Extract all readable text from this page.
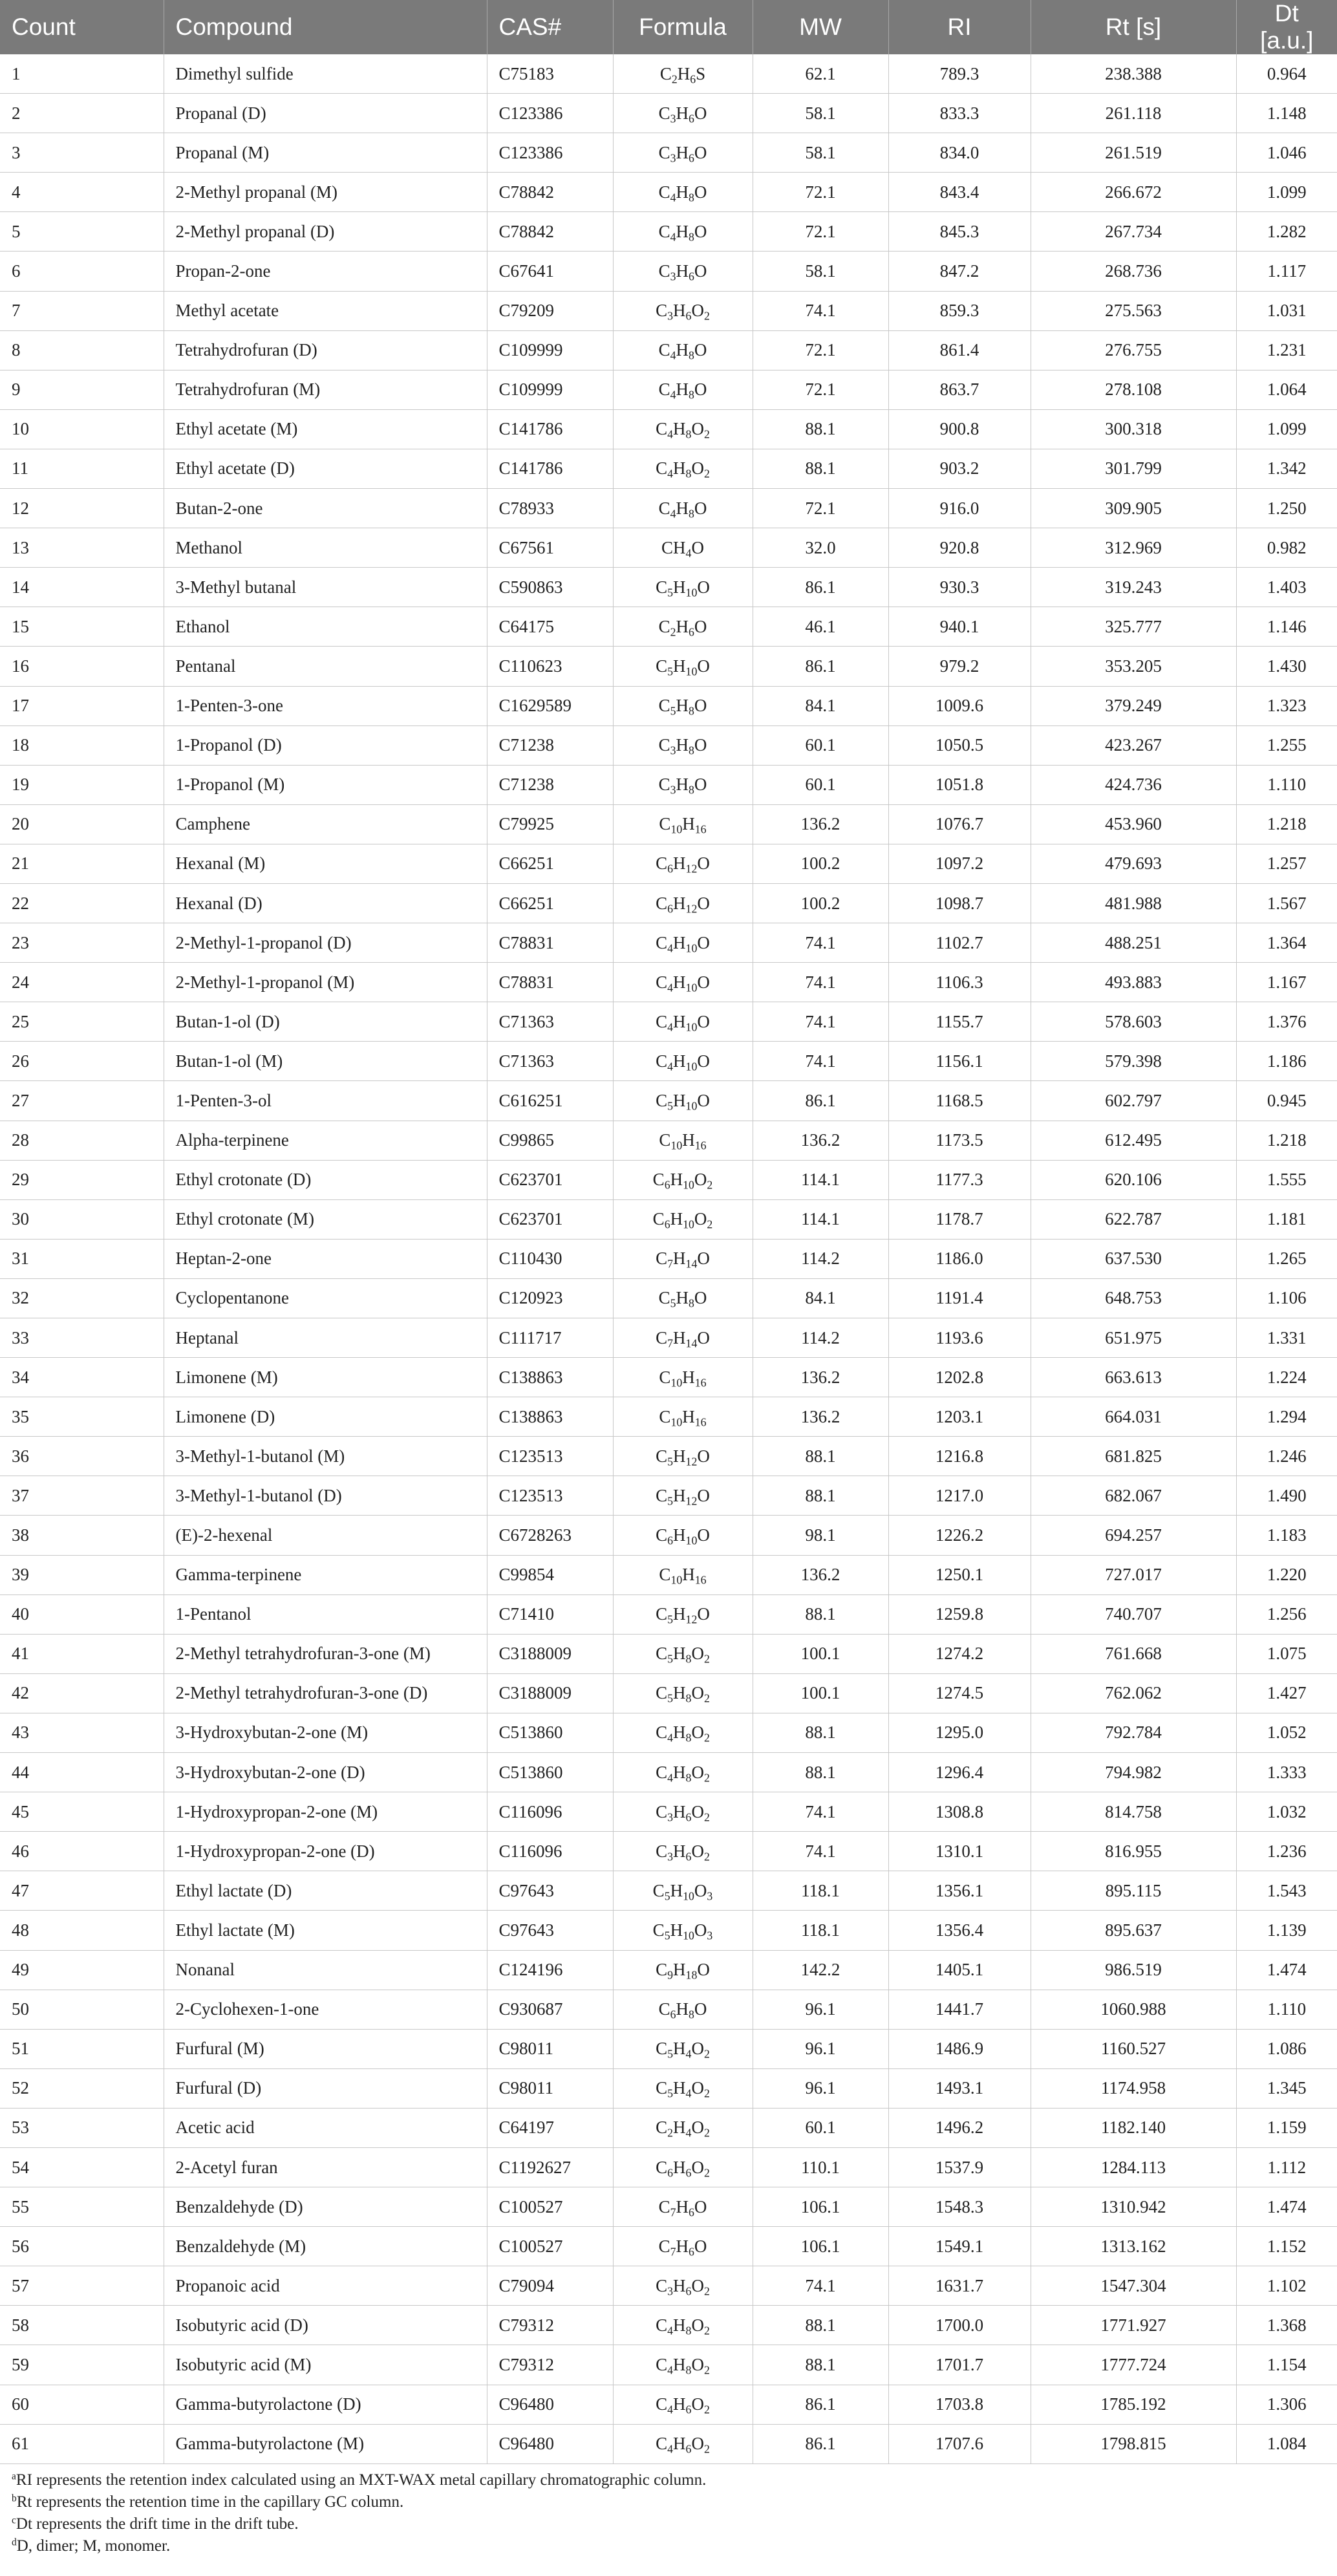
Count	Compound	CAS#	Formula	MW	RI	Rt [s]	Dt [a.u.]
1	Dimethyl sulfide	C75183	$C_2H_6S$	62.1	789.3	238.388	0.964
2	Propanal (D)	C123386	$C_3H_6O$	58.1	833.3	261.118	1.148
3	Propanal (M)	C123386	$C_3H_6O$	58.1	834.0	261.519	1.046
4	2-Methyl propanal (M)	C78842	$C_4H_8O$	72.1	843.4	266.672	1.099
5	2-Methyl propanal (D)	C78842	$C_4H_8O$	72.1	845.3	267.734	1.282
6	Propan-2-one	C67641	$C_3H_6O$	58.1	847.2	268.736	1.117
7	Methyl acetate	C79209	$C_3H_6O_2$	74.1	859.3	275.563	1.031
8	Tetrahydrofuran (D)	C109999	$C_4H_8O$	72.1	861.4	276.755	1.231
9	Tetrahydrofuran (M)	C109999	$C_4H_8O$	72.1	863.7	278.108	1.064
10	Ethyl acetate (M)	C141786	$C_4H_8O_2$	88.1	900.8	300.318	1.099
11	Ethyl acetate (D)	C141786	$C_4H_8O_2$	88.1	903.2	301.799	1.342
12	Butan-2-one	C78933	$C_4H_8O$	72.1	916.0	309.905	1.250
13	Methanol	C67561	$CH_4O$	32.0	920.8	312.969	0.982
14	3-Methyl butanal	C590863	$C_5H_{10}O$	86.1	930.3	319.243	1.403
15	Ethanol	C64175	$C_2H_6O$	46.1	940.1	325.777	1.146
16	Pentanal	C110623	$C_5H_{10}O$	86.1	979.2	353.205	1.430
17	1-Penten-3-one	C1629589	$C_5H_8O$	84.1	1009.6	379.249	1.323
18	1-Propanol (D)	C71238	$C_3H_8O$	60.1	1050.5	423.267	1.255
19	1-Propanol (M)	C71238	$C_3H_8O$	60.1	1051.8	424.736	1.110
20	Camphene	C79925	$C_{10}H_{16}$	136.2	1076.7	453.960	1.218
21	Hexanal (M)	C66251	$C_6H_{12}O$	100.2	1097.2	479.693	1.257
22	Hexanal (D)	C66251	$C_6H_{12}O$	100.2	1098.7	481.988	1.567
23	2-Methyl-1-propanol (D)	C78831	$C_4H_{10}O$	74.1	1102.7	488.251	1.364
24	2-Methyl-1-propanol (M)	C78831	$C_4H_{10}O$	74.1	1106.3	493.883	1.167
25	Butan-1-ol (D)	C71363	$C_4H_{10}O$	74.1	1155.7	578.603	1.376
26	Butan-1-ol (M)	C71363	$C_4H_{10}O$	74.1	1156.1	579.398	1.186
27	1-Penten-3-ol	C616251	$C_5H_{10}O$	86.1	1168.5	602.797	0.945
28	Alpha-terpinene	C99865	$C_{10}H_{16}$	136.2	1173.5	612.495	1.218
29	Ethyl crotonate (D)	C623701	$C_6H_{10}O_2$	114.1	1177.3	620.106	1.555
30	Ethyl crotonate (M)	C623701	$C_6H_{10}O_2$	114.1	1178.7	622.787	1.181
31	Heptan-2-one	C110430	$C_7H_{14}O$	114.2	1186.0	637.530	1.265
32	Cyclopentanone	C120923	$C_5H_8O$	84.1	1191.4	648.753	1.106
33	Heptanal	C111717	$C_7H_{14}O$	114.2	1193.6	651.975	1.331
34	Limonene (M)	C138863	$C_{10}H_{16}$	136.2	1202.8	663.613	1.224
35	Limonene (D)	C138863	$C_{10}H_{16}$	136.2	1203.1	664.031	1.294
36	3-Methyl-1-butanol (M)	C123513	$C_5H_{12}O$	88.1	1216.8	681.825	1.246
37	3-Methyl-1-butanol (D)	C123513	$C_5H_{12}O$	88.1	1217.0	682.067	1.490
38	(E)-2-hexenal	C6728263	$C_6H_{10}O$	98.1	1226.2	694.257	1.183
39	Gamma-terpinene	C99854	$C_{10}H_{16}$	136.2	1250.1	727.017	1.220
40	1-Pentanol	C71410	$C_5H_{12}O$	88.1	1259.8	740.707	1.256
41	2-Methyl tetrahydrofuran-3-one (M)	C3188009	$C_5H_8O_2$	100.1	1274.2	761.668	1.075
42	2-Methyl tetrahydrofuran-3-one (D)	C3188009	$C_5H_8O_2$	100.1	1274.5	762.062	1.427
43	3-Hydroxybutan-2-one (M)	C513860	$C_4H_8O_2$	88.1	1295.0	792.784	1.052
44	3-Hydroxybutan-2-one (D)	C513860	$C_4H_8O_2$	88.1	1296.4	794.982	1.333
45	1-Hydroxypropan-2-one (M)	C116096	$C_3H_6O_2$	74.1	1308.8	814.758	1.032
46	1-Hydroxypropan-2-one (D)	C116096	$C_3H_6O_2$	74.1	1310.1	816.955	1.236
47	Ethyl lactate (D)	C97643	$C_5H_{10}O_3$	118.1	1356.1	895.115	1.543
48	Ethyl lactate (M)	C97643	$C_5H_{10}O_3$	118.1	1356.4	895.637	1.139
49	Nonanal	C124196	$C_9H_{18}O$	142.2	1405.1	986.519	1.474
50	2-Cyclohexen-1-one	C930687	$C_6H_8O$	96.1	1441.7	1060.988	1.110
51	Furfural (M)	C98011	$C_5H_4O_2$	96.1	1486.9	1160.527	1.086
52	Furfural (D)	C98011	$C_5H_4O_2$	96.1	1493.1	1174.958	1.345
53	Acetic acid	C64197	$C_2H_4O_2$	60.1	1496.2	1182.140	1.159
54	2-Acetyl furan	C1192627	$C_6H_6O_2$	110.1	1537.9	1284.113	1.112
55	Benzaldehyde (D)	C100527	$C_7H_6O$	106.1	1548.3	1310.942	1.474
56	Benzaldehyde (M)	C100527	$C_7H_6O$	106.1	1549.1	1313.162	1.152
57	Propanoic acid	C79094	$C_3H_6O_2$	74.1	1631.7	1547.304	1.102
58	Isobutyric acid (D)	C79312	$C_4H_8O_2$	88.1	1700.0	1771.927	1.368
59	Isobutyric acid (M)	C79312	$C_4H_8O_2$	88.1	1701.7	1777.724	1.154
60	Gamma-butyrolactone (D)	C96480	$C_4H_6O_2$	86.1	1703.8	1785.192	1.306
61	Gamma-butyrolactone (M)	C96480	$C_4H_6O_2$	86.1	1707.6	1798.815	1.084
$^a$RI represents the retention index calculated using an MXT-WAX metal capillary chromatographic column.
$^b$Rt represents the retention time in the capillary GC column.
$^c$Dt represents the drift time in the drift tube.
$^d$D, dimer; M, monomer.
